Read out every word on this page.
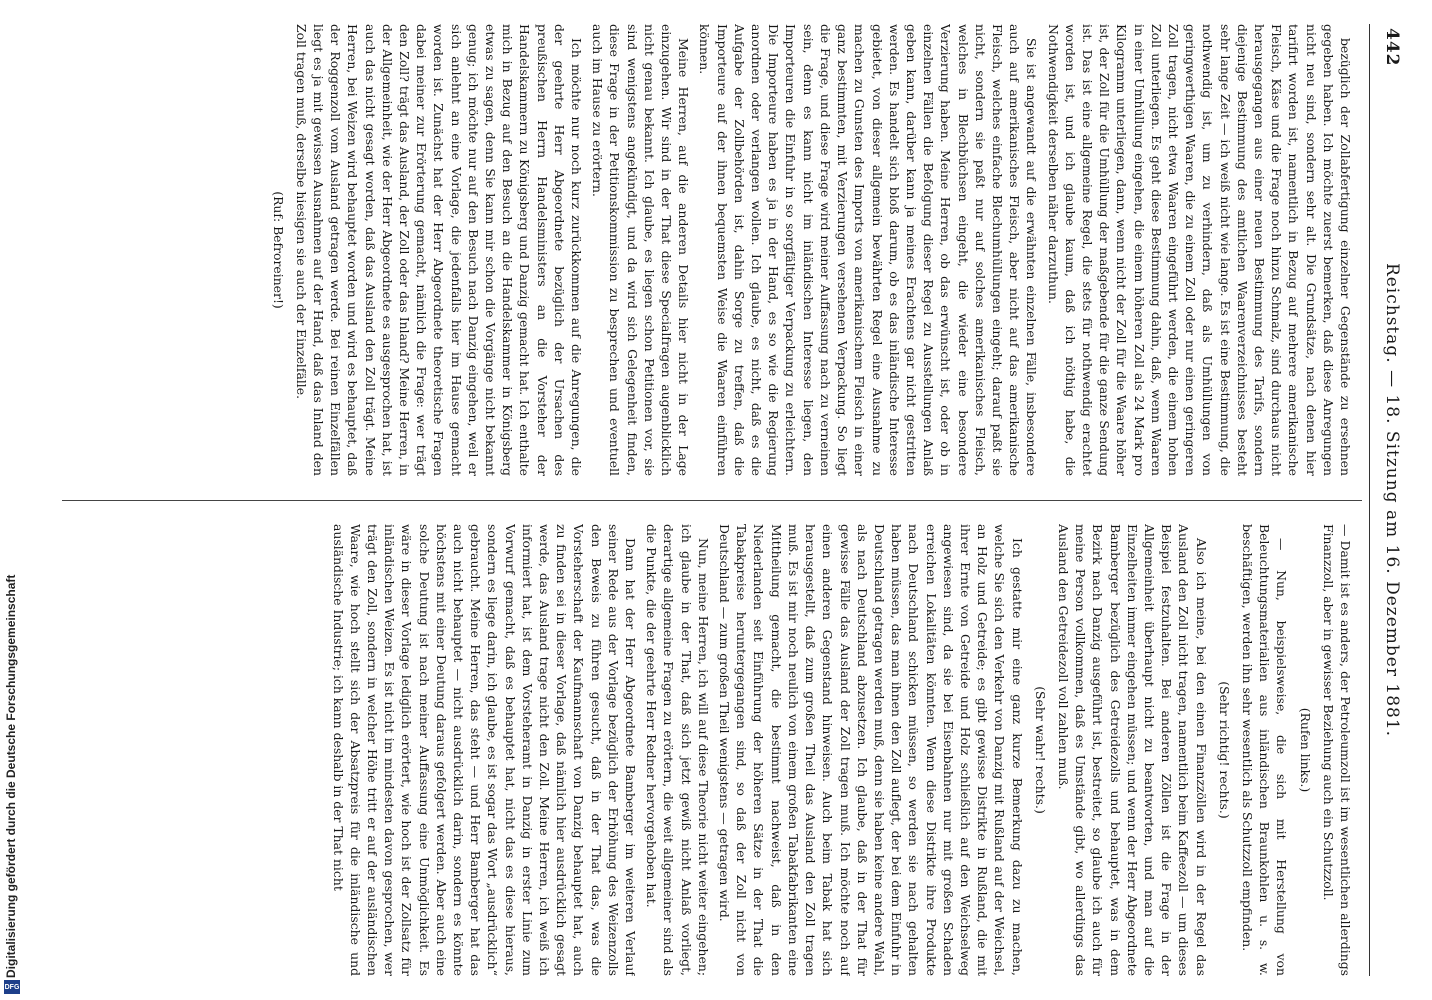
Digitalisierung gefördert durch die Deutsche Forschungsgemeinschaft
DFG
442
Reichstag. — 18. Sitzung am 16. Dezember 1881.

bezüglich der Zollabfertigung einzelner Gegenstände zu ersehnen gegeben haben. Ich möchte zuerst bemerken, daß diese Anregungen nicht neu sind, sondern sehr alt. Die Grundsätze, nach denen hier tarifirt worden ist, namentlich in Bezug auf mehrere amerikanische Fleisch, Käse und die Frage noch hinzu Schmalz, sind durchaus nicht herausgegangen aus einer neuen Bestimmung des Tarifs, sondern diejenige Bestimmung des amtlichen Waarenverzeichnisses besteht sehr lange Zeit — ich weiß nicht wie lange. Es ist eine Bestimmung, die nothwendig ist, um zu verhindern, daß als Umhüllungen von geringwerthigen Waaren, die zu einem Zoll oder nur einen geringeren Zoll tragen, nicht etwa Waaren eingeführt werden, die einem hohen Zoll unterliegen. Es geht diese Bestimmung dahin, daß, wenn Waaren in einer Umhüllung eingehen, die einem höheren Zoll als 24 Mark pro Kilogramm unterliegen, dann, wenn nicht der Zoll für die Waare höher ist, der Zoll für die Umhüllung der maßgebende für die ganze Sendung ist. Das ist eine allgemeine Regel, die stets für nothwendig erachtet worden ist, und ich glaube kaum, daß ich nöthig habe, die Nothwendigkeit derselben näher darzuthun.

Sie ist angewandt auf die erwähnten einzelnen Fälle, insbesondere auch auf amerikanisches Fleisch, aber nicht auf das amerikanische Fleisch, welches einfache Blechumhüllungen eingeht; darauf paßt sie nicht, sondern sie paßt nur auf solches amerikanisches Fleisch, welches in Blechbüchsen eingeht, die wieder eine besondere Verzierung haben. Meine Herren, ob das erwünscht ist, oder ob in einzelnen Fällen die Befolgung dieser Regel zu Ausstellungen Anlaß geben kann, darüber kann ja meines Erachtens gar nicht gestritten werden. Es handelt sich bloß darum, ob es das inländische Interesse gebietet, von dieser allgemein bewährten Regel eine Ausnahme zu machen zu Gunsten des Imports von amerikanischem Fleisch in einer ganz bestimmten, mit Verzierungen versehenen Verpackung. So liegt die Frage, und diese Frage wird meiner Auffassung nach zu verneinen sein, denn es kann nicht im inländischen Interesse liegen, den Importeuren die Einfuhr in so sorgfältiger Verpackung zu erleichtern. Die Importeure haben es ja in der Hand, es so wie die Regierung anordnen oder verlangen wollen. Ich glaube, es nicht, daß es die Aufgabe der Zollbehörden ist, dahin Sorge zu treffen, daß die Importeure auf der ihnen bequemsten Weise die Waaren einführen können.

Meine Herren, auf die anderen Details hier nicht in der Lage einzugehen. Wir sind in der That diese Specialfragen augenblicklich nicht genau bekannt. Ich glaube, es liegen schon Petitionen vor, sie sind wenigstens angekündigt, und da wird sich Gelegenheit finden, diese Frage in der Petitionskommission zu besprechen und eventuell auch im Hause zu erörtern.

Ich möchte nur noch kurz zurückkommen auf die Anregungen, die der geehrte Herr Abgeordnete bezüglich der Ursachen des preußischen Herrn Handelsministers an die Vorsteher der Handelskammern zu Königsberg und Danzig gemacht hat. Ich enthalte mich in Bezug auf den Besuch an die Handelskammer in Königsberg etwas zu sagen, denn Sie kann mir schon die Vorgänge nicht bekannt genug; ich möchte nur auf den Besuch nach Danzig eingehen, weil er sich anlehnt an eine Vorlage, die jedenfalls hier im Hause gemacht worden ist. Zunächst hat der Herr Abgeordnete theoretische Fragen dabei meiner zur Erörterung gemacht, nämlich die Frage: wer trägt den Zoll? trägt das Ausland, der Zoll oder das Inland? Meine Herren, in der Allgemeinheit, wie der Herr Abgeordnete es ausgesprochen hat, ist auch das nicht gesagt worden, daß das Ausland den Zoll trägt. Meine Herren, bei Weizen wird behauptet worden und wird es behauptet, daß der Roggenzoll vom Ausland getragen werde. Bei reinen Einzelfällen liegt es ja mit gewissen Ausnahmen auf der Hand, daß das Inland den Zoll tragen muß, derselbe hiesigen sie auch der Einzelfälle.

(Ruf: Befroreiner!)

— Damit ist es anders, der Petroleumzoll ist im wesentlichen allerdings Finanzzoll, aber in gewisser Beziehung auch ein Schutzzoll.

(Rufen links.)

— Nun, beispielsweise, die sich mit Herstellung von Beleuchtungsmaterialien aus inländischen Braunkohlen u. s. w. beschäftigen, werden ihn sehr wesentlich als Schutzzoll empfinden.

(Sehr richtig! rechts.)

Also ich meine, bei den einen Finanzzöllen wird in der Regel das Ausland den Zoll nicht tragen, namentlich beim Kaffeezoll — um dieses Beispiel festzuhalten. Bei anderen Zöllen ist die Frage in der Allgemeinheit überhaupt nicht zu beantworten, und man auf die Einzelheiten immer eingehen müssen; und wenn der Herr Abgeordnete Bamberger bezüglich des Getreidezolls und behauptet, was in dem Bezirk nach Danzig ausgeführt ist, bestreitet, so glaube ich auch für meine Person vollkommen, daß es Umstände gibt, wo allerdings das Ausland den Getreidezoll voll zahlen muß.

(Sehr wahr! rechts.)

Ich gestatte mir eine ganz kurze Bemerkung dazu zu machen, welche Sie sich den Verkehr von Danzig mit Rußland auf der Weichsel, an Holz und Getreide; es gibt gewisse Distrikte in Rußland, die mit ihrer Ernte von Getreide und Holz schließlich auf den Weichselweg angewiesen sind, da sie bei Eisenbahnen nur mit großen Schaden erreichen Lokalitäten könnten. Wenn diese Distrikte ihre Produkte nach Deutschland schicken müssen, so werden sie nach gehalten haben müssen, das man ihnen den Zoll auflegt, der bei dem Einfuhr in Deutschland getragen werden muß, denn sie haben keine andere Wahl, als nach Deutschland abzusetzen. Ich glaube, daß in der That für gewisse Fälle das Ausland der Zoll tragen muß. Ich möchte noch auf einen anderen Gegenstand hinweisen. Auch beim Tabak hat sich herausgestellt, daß zum großen Theil das Ausland den Zoll tragen muß. Es ist mir noch neulich von einem großen Tabakfabrikanten eine Mittheilung gemacht, die bestimmt nachweist, daß in den Niederlanden seit Einführung der höheren Sätze in der That die Tabakpreise heruntergegangen sind, so daß der Zoll nicht von Deutschland — zum großen Theil wenigstens — getragen wird.

Nun, meine Herren, ich will auf diese Theorie nicht weiter eingehen; ich glaube in der That, daß sich jetzt gewiß nicht Anlaß vorliegt, derartige allgemeine Fragen zu erörtern, die weit allgemeiner sind als die Punkte, die der geehrte Herr Redner hervorgehoben hat.

Dann hat der Herr Abgeordnete Bamberger im weiteren Verlauf seiner Rede aus der Vorlage bezüglich der Erhöhung des Weizenzolls den Beweis zu führen gesucht, daß in der That das, was die Vorsteherschaft der Kaufmannschaft von Danzig behauptet hat, auch zu finden sei in dieser Vorlage, daß nämlich hier ausdrücklich gesagt werde, das Ausland trage nicht den Zoll. Meine Herren, ich weiß ich informiert hat, ist dem Vorsteheramt in Danzig in erster Linie zum Vorwurf gemacht, daß es behauptet hat, nicht das es diese hieraus, sondern es liege darin, ich glaube, es ist sogar das Wort „ausdrücklich“ gebraucht. Meine Herren, das steht — und Herr Bamberger hat das auch nicht behauptet — nicht ausdrücklich darin, sondern es könnte höchstens mit einer Deutung daraus gefolgert werden. Aber auch eine solche Deutung ist nach meiner Auffassung eine Unmöglichkeit. Es wäre in dieser Vorlage lediglich erörtert, wie hoch ist der Zollsatz für inländischen Weizen. Es ist nicht im mindesten davon gesprochen, wer trägt den Zoll, sondern in welcher Höhe tritt er auf der ausländischen Waare, wie hoch stellt sich der Absatzpreis für die inländische und ausländische Industrie; ich kann deshalb in der That nicht
